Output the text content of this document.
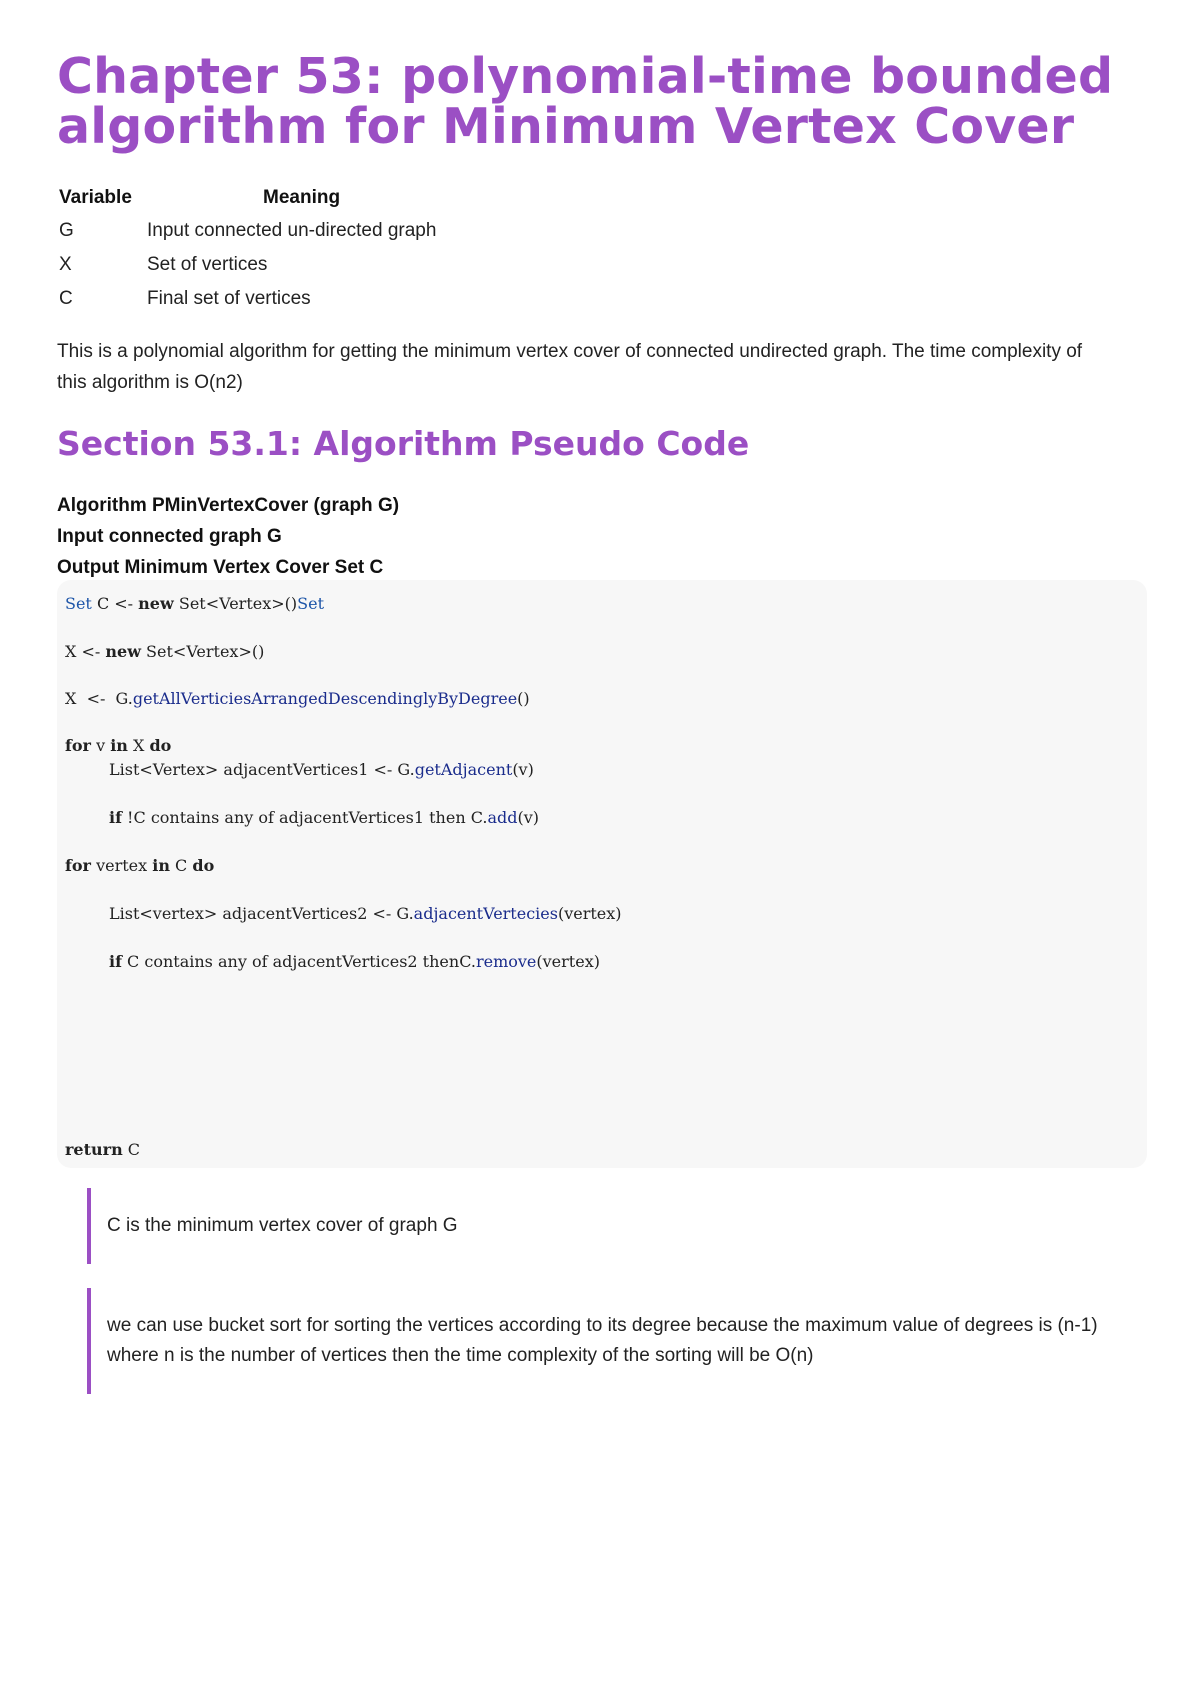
Chapter 53: polynomial-time bounded algorithm for Minimum Vertex Cover
Variable	Meaning
G	Input connected un-directed graph
X	Set of vertices
C	Final set of vertices

This is a polynomial algorithm for getting the minimum vertex cover of connected undirected graph. The time complexity of this algorithm is O(n2)

Section 53.1: Algorithm Pseudo Code
Algorithm PMinVertexCover (graph G)
Input connected graph G
Output Minimum Vertex Cover Set C
Set C <- new Set<Vertex>()Set
X <- new Set<Vertex>()
X  <-  G.getAllVerticiesArrangedDescendinglyByDegree()
for v in X do
List<Vertex> adjacentVertices1 <- G.getAdjacent(v)
if !C contains any of adjacentVertices1 then C.add(v)
for vertex in C do
List<vertex> adjacentVertices2 <- G.adjacentVertecies(vertex)
if C contains any of adjacentVertices2 thenC.remove(vertex)
return C
C is the minimum vertex cover of graph G
we can use bucket sort for sorting the vertices according to its degree because the maximum value of degrees is (n-1) where n is the number of vertices then the time complexity of the sorting will be O(n)
